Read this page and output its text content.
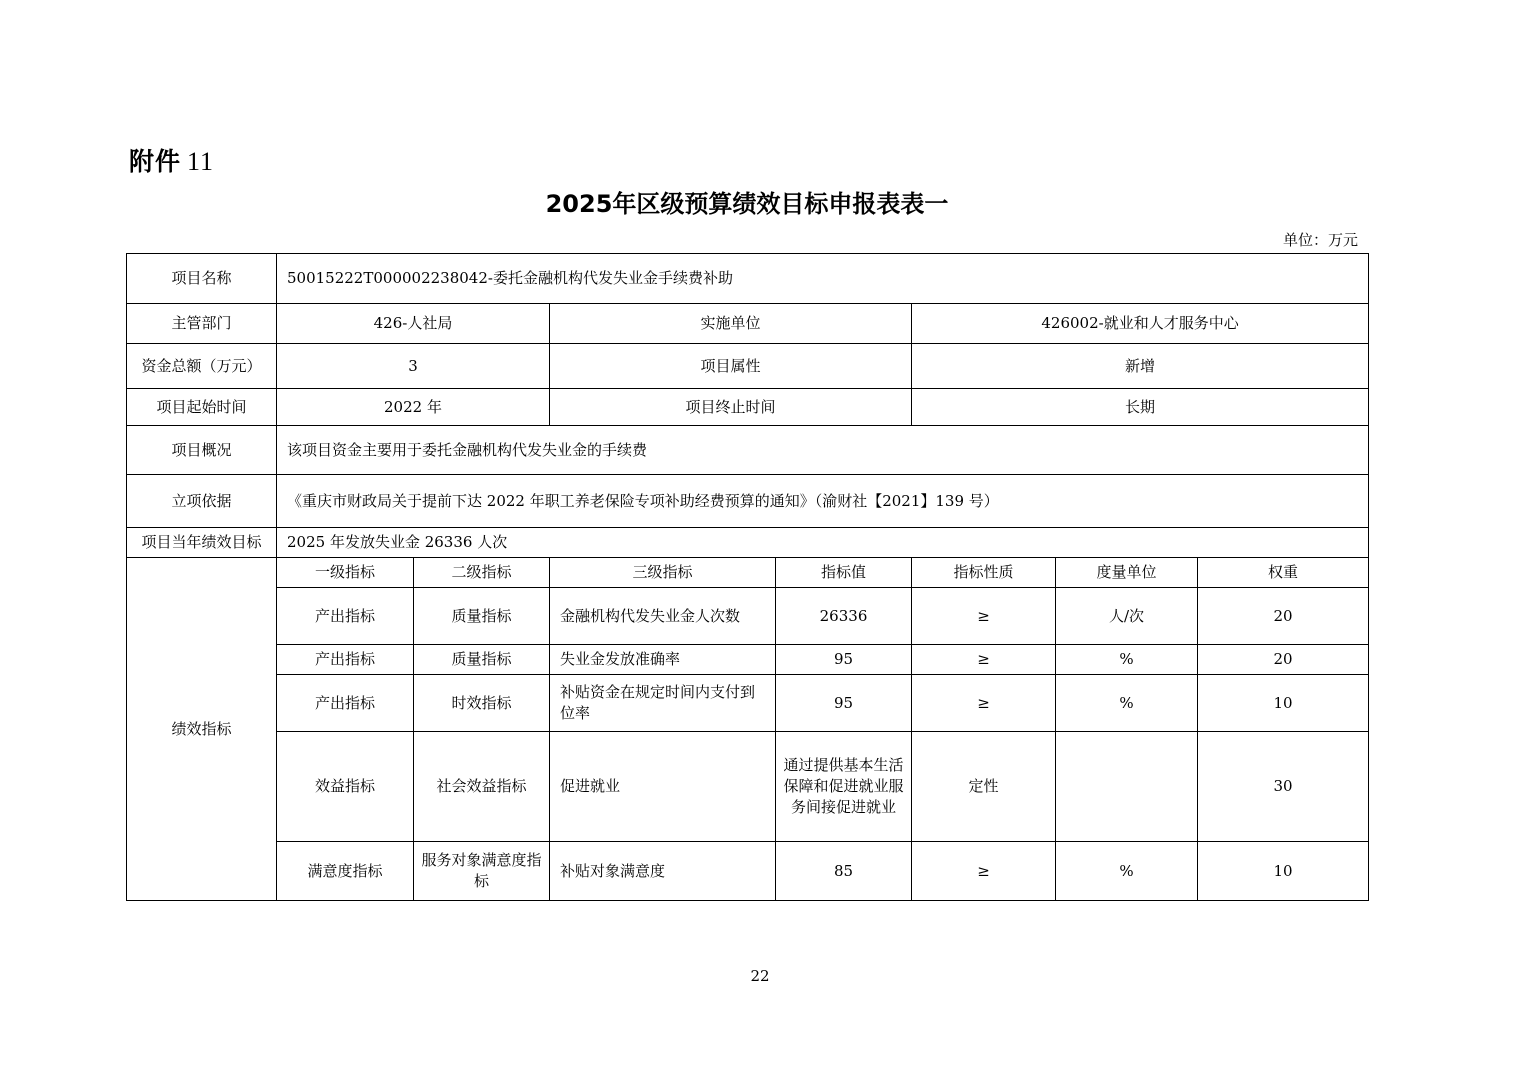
附件 11
2025年区级预算绩效目标申报表表一
单位：万元
项目名称	50015222T000002238042-委托金融机构代发失业金手续费补助						
主管部门	426-人社局		实施单位		426002-就业和人才服务中心		
资金总额（万元）	3		项目属性		新增		
项目起始时间	2022 年		项目终止时间		长期		
项目概况	该项目资金主要用于委托金融机构代发失业金的手续费						
立项依据	《重庆市财政局关于提前下达 2022 年职工养老保险专项补助经费预算的通知》（渝财社【2021】139 号）						
项目当年绩效目标	2025 年发放失业金 26336 人次						
绩效指标	一级指标	二级指标	三级指标	指标值	指标性质	度量单位	权重
	产出指标	质量指标	金融机构代发失业金人次数	26336	≥	人/次	20
	产出指标	质量指标	失业金发放准确率	95	≥	%	20
	产出指标	时效指标	补贴资金在规定时间内支付到位率	95	≥	%	10
	效益指标	社会效益指标	促进就业	通过提供基本生活保障和促进就业服务间接促进就业	定性		30
	满意度指标	服务对象满意度指标	补贴对象满意度	85	≥	%	10
22
